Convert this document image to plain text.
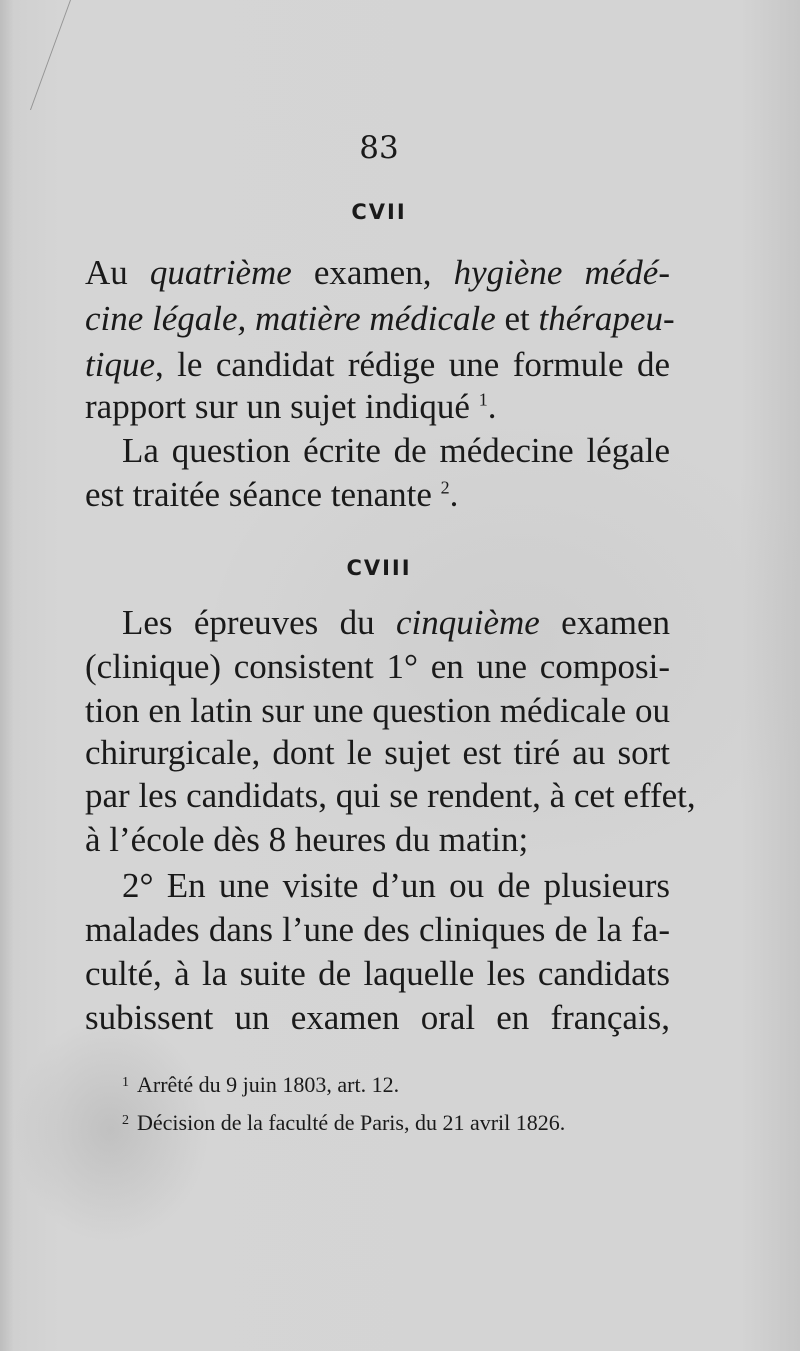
83
CVII
Au quatrième examen, hygiène médé-
cine légale, matière médicale et thérapeu-
tique, le candidat rédige une formule de
rapport sur un sujet indiqué $^1$.
La question écrite de médecine légale
est traitée séance tenante $^2$.
CVIII
Les épreuves du cinquième examen
(clinique) consistent 1° en une composi-
tion en latin sur une question médicale ou
chirurgicale, dont le sujet est tiré au sort
par les candidats, qui se rendent, à cet effet,
à l’école dès 8 heures du matin;
2° En une visite d’un ou de plusieurs
malades dans l’une des cliniques de la fa-
culté, à la suite de laquelle les candidats
subissent un examen oral en français,
$^1$ Arrêté du 9 juin 1803, art. 12.
$^2$ Décision de la faculté de Paris, du 21 avril 1826.
